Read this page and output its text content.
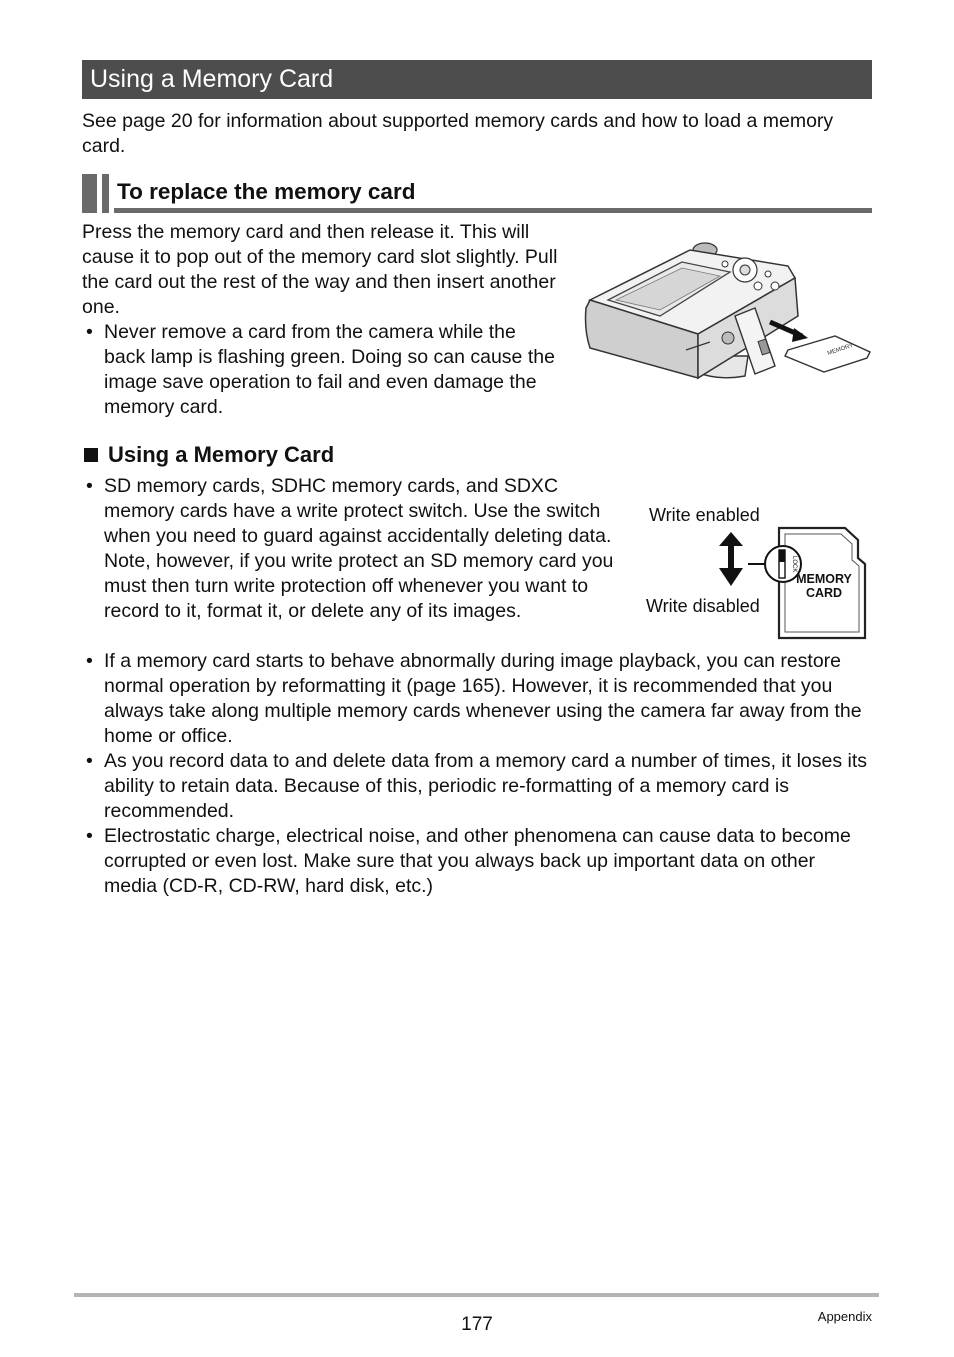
Using a Memory Card

See page 20 for information about supported memory cards and how to load a memory card.

To replace the memory card

Press the memory card and then release it. This will cause it to pop out of the memory card slot slightly. Pull the card out the rest of the way and then insert another one.

• Never remove a card from the camera while the back lamp is flashing green. Doing so can cause the image save operation to fail and even damage the memory card.

MEMORY
Using a Memory Card

• SD memory cards, SDHC memory cards, and SDXC memory cards have a write protect switch. Use the switch when you need to guard against accidentally deleting data. Note, however, if you write protect an SD memory card you must then turn write protection off whenever you want to record to it, format it, or delete any of its images.

• If a memory card starts to behave abnormally during image playback, you can restore normal operation by reformatting it (page 165). However, it is recommended that you always take along multiple memory cards whenever using the camera far away from the home or office.

• As you record data to and delete data from a memory card a number of times, it loses its ability to retain data. Because of this, periodic re-formatting of a memory card is recommended.

• Electrostatic charge, electrical noise, and other phenomena can cause data to become corrupted or even lost. Make sure that you always back up important data on other media (CD-R, CD-RW, hard disk, etc.)

Write enabled
Write disabled
LOCK
MEMORY
CARD
177	Appendix
